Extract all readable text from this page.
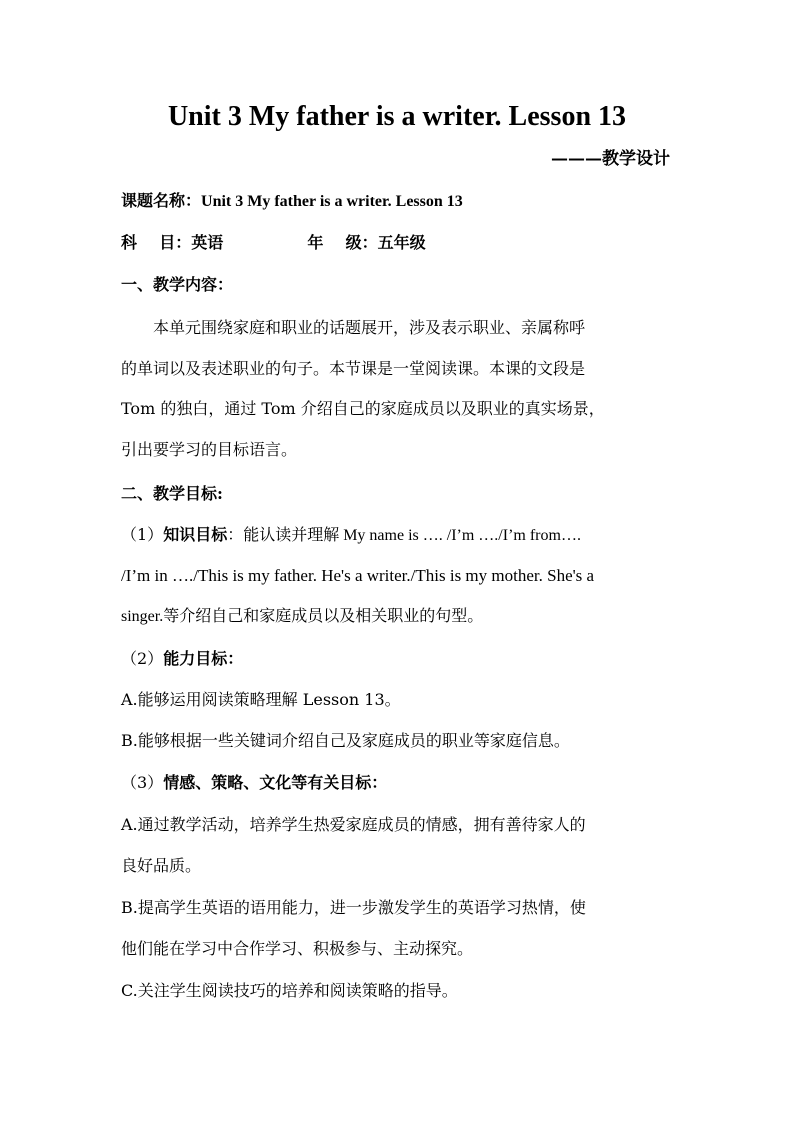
Unit 3 My father is a writer. Lesson 13
———教学设计
课题名称：Unit 3 My father is a writer. Lesson 13
科    目：英语	年    级：五年级
一、教学内容：
本单元围绕家庭和职业的话题展开，涉及表示职业、亲属称呼
的单词以及表述职业的句子。本节课是一堂阅读课。本课的文段是
Tom 的独白，通过 Tom 介绍自己的家庭成员以及职业的真实场景，
引出要学习的目标语言。
二、教学目标:
（1）知识目标：能认读并理解 My name is …. /I’m …./I’m from….
/I’m in …./This is my father. He's a writer./This is my mother. She's a
singer.等介绍自己和家庭成员以及相关职业的句型。
（2）能力目标：
A.能够运用阅读策略理解 Lesson 13。
B.能够根据一些关键词介绍自己及家庭成员的职业等家庭信息。
（3）情感、策略、文化等有关目标：
A.通过教学活动，培养学生热爱家庭成员的情感，拥有善待家人的
良好品质。
B.提高学生英语的语用能力，进一步激发学生的英语学习热情，使
他们能在学习中合作学习、积极参与、主动探究。
C.关注学生阅读技巧的培养和阅读策略的指导。
